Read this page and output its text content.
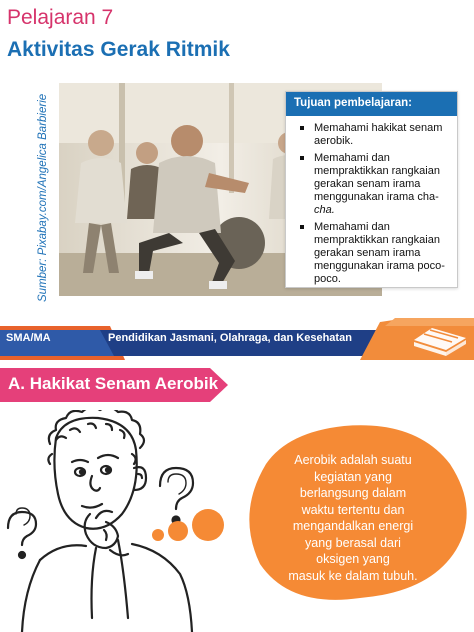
Pelajaran 7
Aktivitas Gerak Ritmik
Sumber: Pixabay.com/Angelica Barbierie	Tujuan pembelajaran:
Memahami hakikat senam
aerobik.
Memahami dan
mempraktikkan rangkaian
gerakan senam irama
menggunakan irama cha-
cha.
Memahami dan
mempraktikkan rangkaian
gerakan senam irama
menggunakan irama poco-
poco.
SMA/MA	Pendidikan Jasmani, Olahraga, dan Kesehatan
A. Hakikat Senam Aerobik
Aerobik adalah suatu
kegiatan yang
berlangsung dalam
waktu tertentu dan
mengandalkan energi
yang berasal dari
oksigen yang
masuk ke dalam tubuh.
